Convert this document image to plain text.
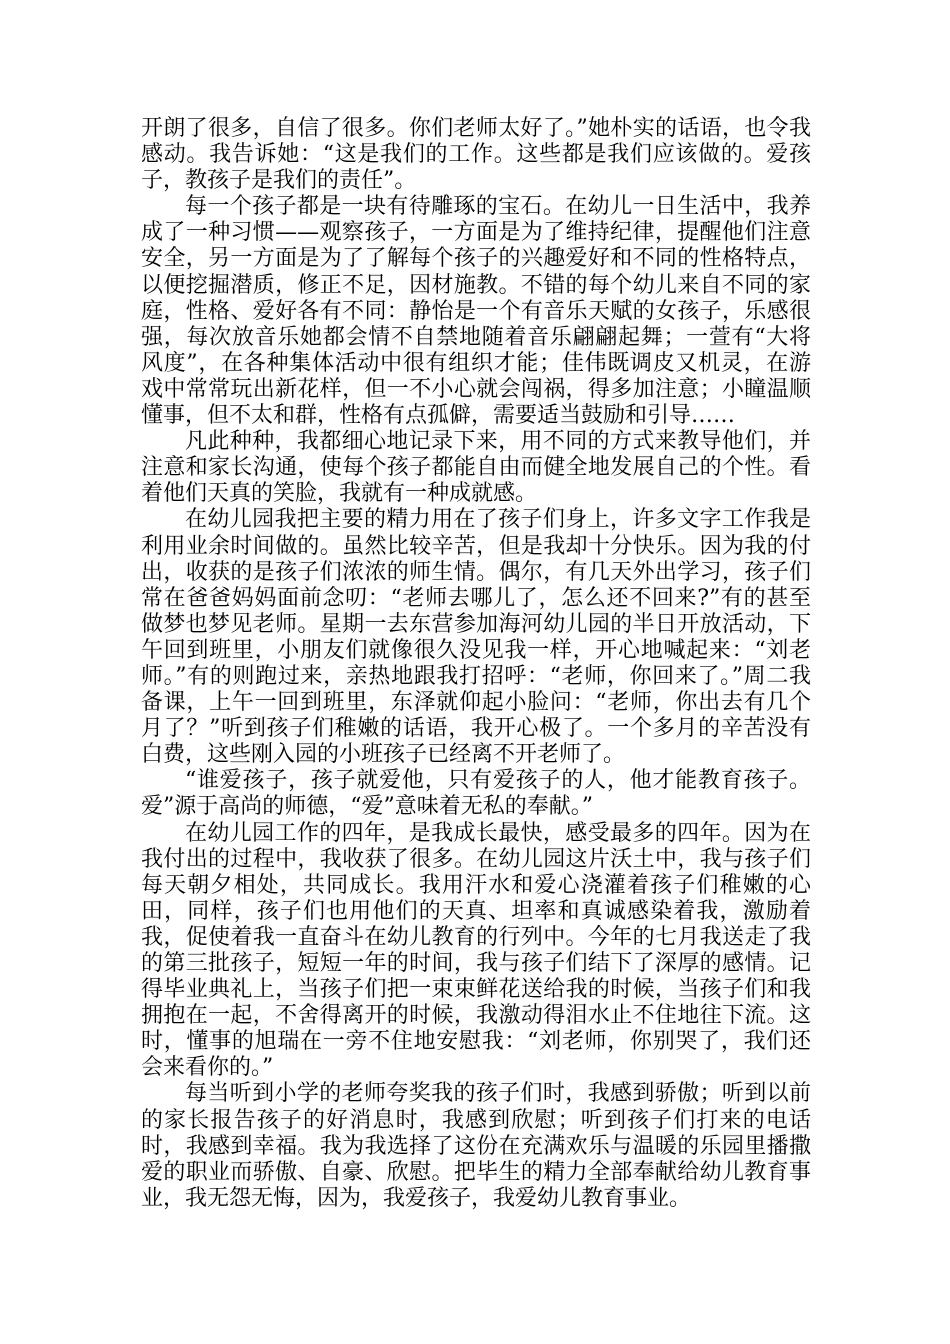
开朗了很多，自信了很多。你们老师太好了。”她朴实的话语，也令我感动。我告诉她：“这是我们的工作。这些都是我们应该做的。爱孩子，教孩子是我们的责任”。

每一个孩子都是一块有待雕琢的宝石。在幼儿一日生活中，我养成了一种习惯——观察孩子，一方面是为了维持纪律，提醒他们注意安全，另一方面是为了了解每个孩子的兴趣爱好和不同的性格特点，以便挖掘潜质，修正不足，因材施教。不错的每个幼儿来自不同的家庭，性格、爱好各有不同：静怡是一个有音乐天赋的女孩子，乐感很强，每次放音乐她都会情不自禁地随着音乐翩翩起舞；一萱有“大将风度”，在各种集体活动中很有组织才能；佳伟既调皮又机灵，在游戏中常常玩出新花样，但一不小心就会闯祸，得多加注意；小瞳温顺懂事，但不太和群，性格有点孤僻，需要适当鼓励和引导……

凡此种种，我都细心地记录下来，用不同的方式来教导他们，并注意和家长沟通，使每个孩子都能自由而健全地发展自己的个性。看着他们天真的笑脸，我就有一种成就感。

在幼儿园我把主要的精力用在了孩子们身上，许多文字工作我是利用业余时间做的。虽然比较辛苦，但是我却十分快乐。因为我的付出，收获的是孩子们浓浓的师生情。偶尔，有几天外出学习，孩子们常在爸爸妈妈面前念叨：“老师去哪儿了，怎么还不回来?”有的甚至做梦也梦见老师。星期一去东营参加海河幼儿园的半日开放活动，下午回到班里，小朋友们就像很久没见我一样，开心地喊起来：“刘老师。”有的则跑过来，亲热地跟我打招呼：“老师，你回来了。”周二我备课，上午一回到班里，东泽就仰起小脸问：“老师，你出去有几个月了？”听到孩子们稚嫩的话语，我开心极了。一个多月的辛苦没有白费，这些刚入园的小班孩子已经离不开老师了。

“谁爱孩子，孩子就爱他，只有爱孩子的人，他才能教育孩子。爱”源于高尚的师德，“爱”意味着无私的奉献。”

在幼儿园工作的四年，是我成长最快，感受最多的四年。因为在我付出的过程中，我收获了很多。在幼儿园这片沃土中，我与孩子们每天朝夕相处，共同成长。我用汗水和爱心浇灌着孩子们稚嫩的心田，同样，孩子们也用他们的天真、坦率和真诚感染着我，激励着我，促使着我一直奋斗在幼儿教育的行列中。今年的七月我送走了我的第三批孩子，短短一年的时间，我与孩子们结下了深厚的感情。记得毕业典礼上，当孩子们把一束束鲜花送给我的时候，当孩子们和我拥抱在一起，不舍得离开的时候，我激动得泪水止不住地往下流。这时，懂事的旭瑞在一旁不住地安慰我：“刘老师，你别哭了，我们还会来看你的。”

每当听到小学的老师夸奖我的孩子们时，我感到骄傲；听到以前的家长报告孩子的好消息时，我感到欣慰；听到孩子们打来的电话时，我感到幸福。我为我选择了这份在充满欢乐与温暖的乐园里播撒爱的职业而骄傲、自豪、欣慰。把毕生的精力全部奉献给幼儿教育事业，我无怨无悔，因为，我爱孩子，我爱幼儿教育事业。
